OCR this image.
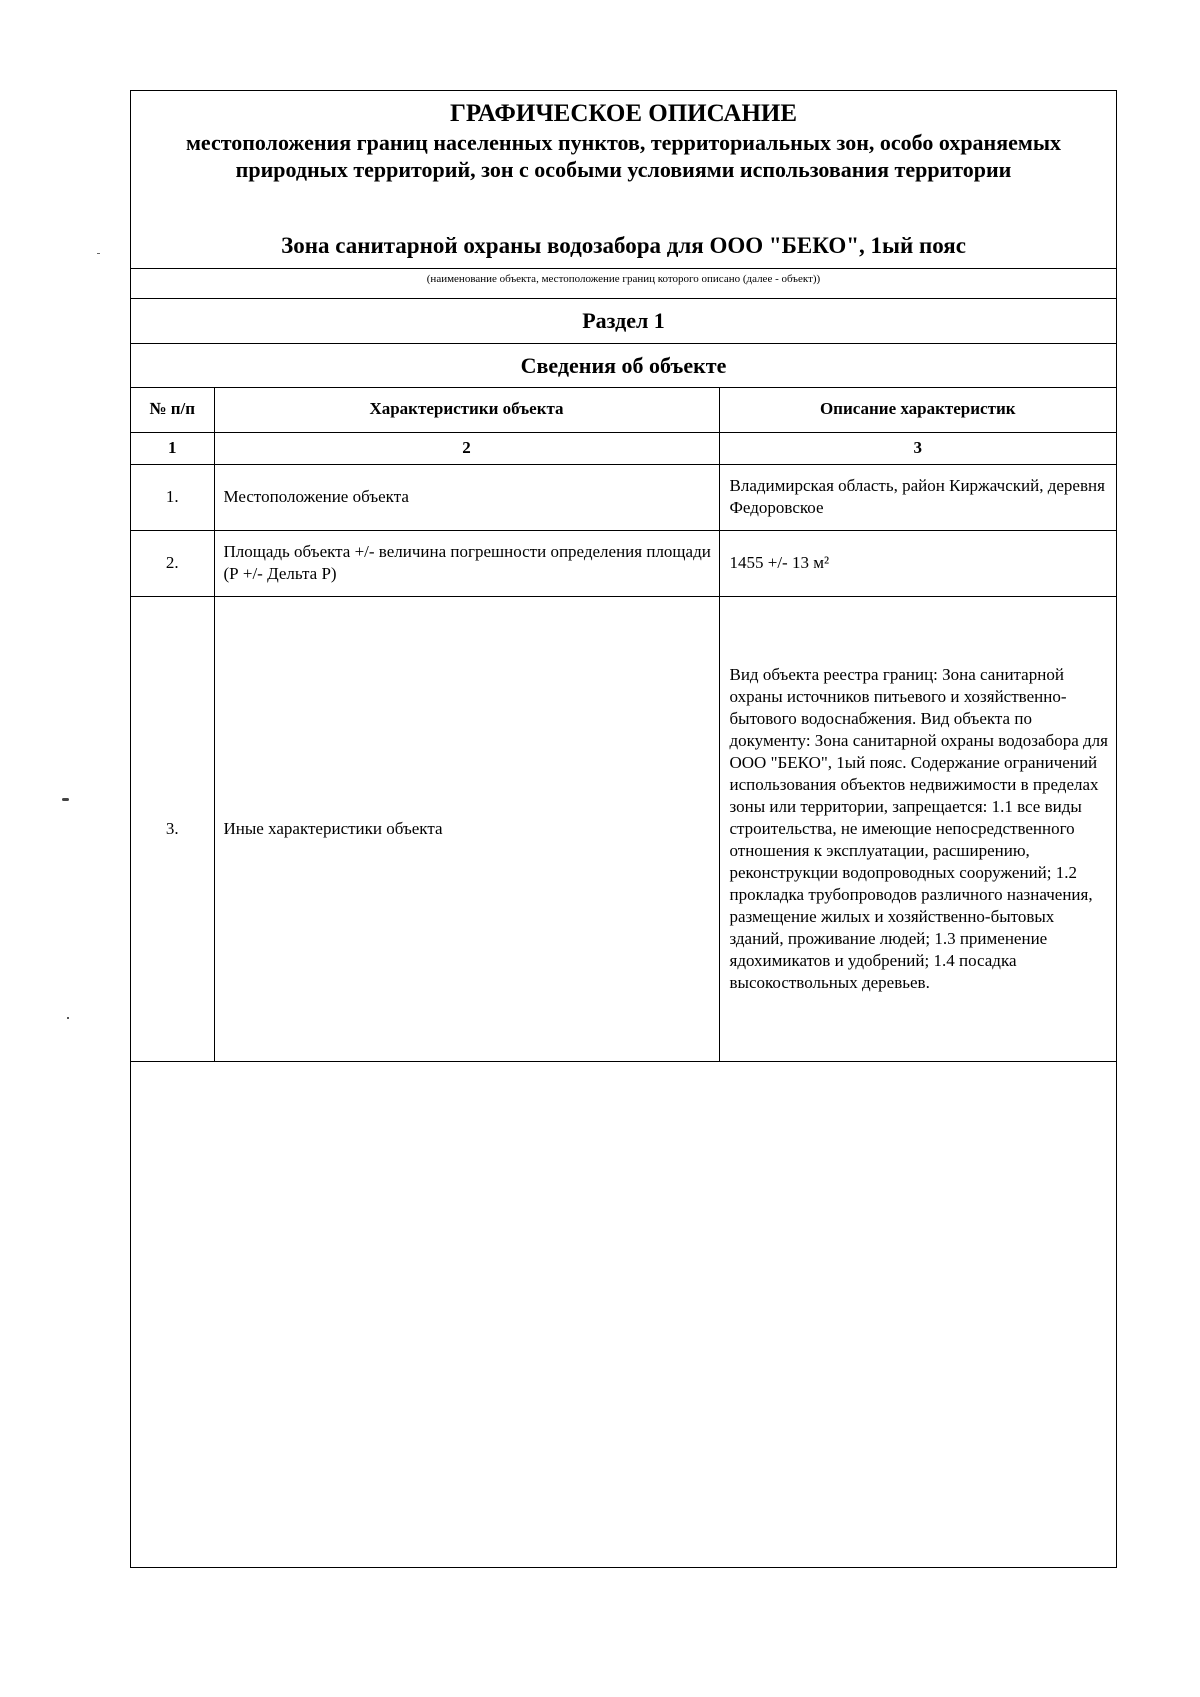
ГРАФИЧЕСКОЕ ОПИСАНИЕ
местоположения границ населенных пунктов, территориальных зон, особо охраняемых природных территорий, зон с особыми условиями использования территории
Зона санитарной охраны водозабора для ООО "БЕКО", 1ый пояс
(наименование объекта, местоположение границ которого описано (далее - объект))
Раздел 1
Сведения об объекте
№ п/п	Характеристики объекта	Описание характеристик
1	2	3
1.	Местоположение объекта	Владимирская область, район Киржачский, деревня Федоровское
2.	Площадь объекта +/- величина погрешности определения площади (Р +/- Дельта Р)	1455 +/- 13 м²
3.	Иные характеристики объекта	Вид объекта реестра границ: Зона санитарной охраны источников питьевого и хозяйственно-бытового водоснабжения. Вид объекта по документу: Зона санитарной охраны водозабора для ООО "БЕКО", 1ый пояс. Содержание ограничений использования объектов недвижимости в пределах зоны или территории, запрещается: 1.1 все виды строительства, не имеющие непосредственного отношения к эксплуатации, расширению, реконструкции водопроводных сооружений; 1.2 прокладка трубопроводов различного назначения, размещение жилых и хозяйственно-бытовых зданий, проживание людей; 1.3 применение ядохимикатов и удобрений; 1.4 посадка высокоствольных деревьев.
